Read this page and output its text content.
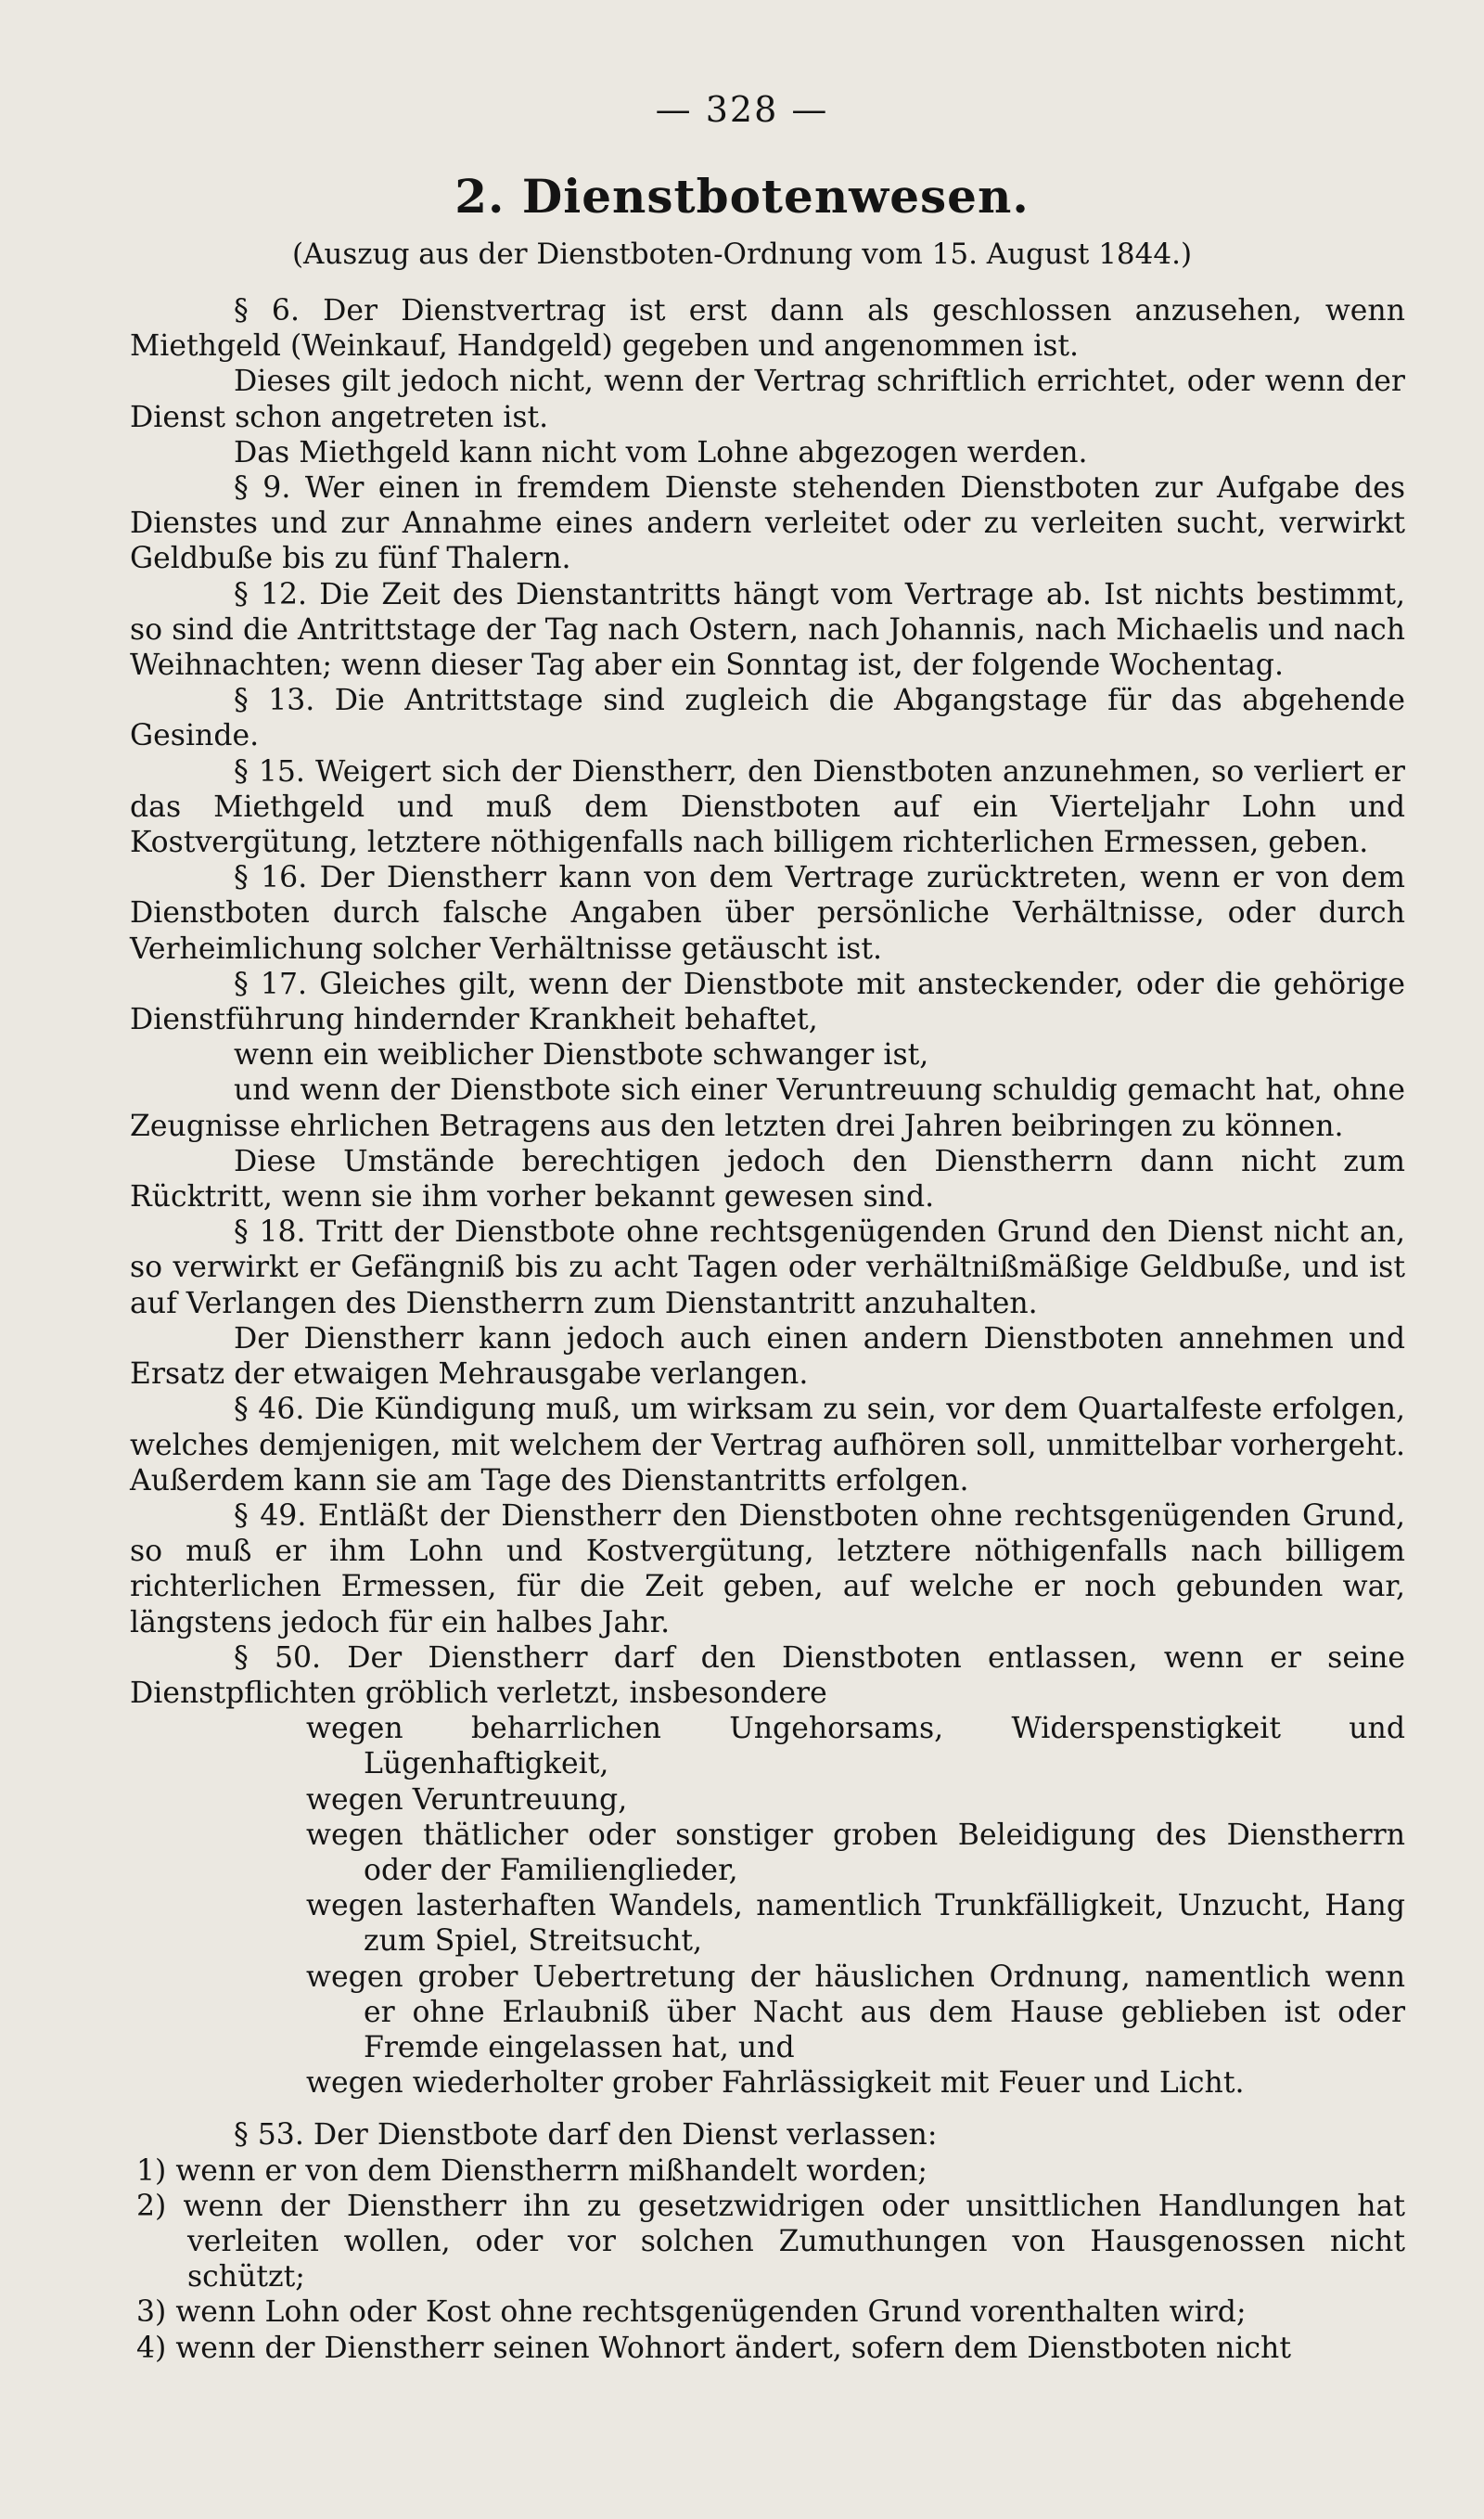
— 328 —
2. Dienstbotenwesen.
(Auszug aus der Dienstboten-Ordnung vom 15. August 1844.)

§ 6. Der Dienstvertrag ist erst dann als geschlossen anzusehen, wenn Miethgeld (Weinkauf, Handgeld) gegeben und angenommen ist.

Dieses gilt jedoch nicht, wenn der Vertrag schriftlich errichtet, oder wenn der Dienst schon angetreten ist.

Das Miethgeld kann nicht vom Lohne abgezogen werden.

§ 9. Wer einen in fremdem Dienste stehenden Dienstboten zur Aufgabe des Dienstes und zur Annahme eines andern verleitet oder zu verleiten sucht, verwirkt Geldbuße bis zu fünf Thalern.

§ 12. Die Zeit des Dienstantritts hängt vom Vertrage ab. Ist nichts bestimmt, so sind die Antrittstage der Tag nach Ostern, nach Johannis, nach Michaelis und nach Weihnachten; wenn dieser Tag aber ein Sonntag ist, der folgende Wochentag.

§ 13. Die Antrittstage sind zugleich die Abgangstage für das abgehende Gesinde.

§ 15. Weigert sich der Dienstherr, den Dienstboten anzunehmen, so verliert er das Miethgeld und muß dem Dienstboten auf ein Vierteljahr Lohn und Kostvergütung, letztere nöthigenfalls nach billigem richterlichen Ermessen, geben.

§ 16. Der Dienstherr kann von dem Vertrage zurücktreten, wenn er von dem Dienstboten durch falsche Angaben über persönliche Verhältnisse, oder durch Verheimlichung solcher Verhältnisse getäuscht ist.

§ 17. Gleiches gilt, wenn der Dienstbote mit ansteckender, oder die gehörige Dienstführung hindernder Krankheit behaftet,

wenn ein weiblicher Dienstbote schwanger ist,

und wenn der Dienstbote sich einer Veruntreuung schuldig gemacht hat, ohne Zeugnisse ehrlichen Betragens aus den letzten drei Jahren beibringen zu können.

Diese Umstände berechtigen jedoch den Dienstherrn dann nicht zum Rücktritt, wenn sie ihm vorher bekannt gewesen sind.

§ 18. Tritt der Dienstbote ohne rechtsgenügenden Grund den Dienst nicht an, so verwirkt er Gefängniß bis zu acht Tagen oder verhältnißmäßige Geldbuße, und ist auf Verlangen des Dienstherrn zum Dienstantritt anzuhalten.

Der Dienstherr kann jedoch auch einen andern Dienstboten annehmen und Ersatz der etwaigen Mehrausgabe verlangen.

§ 46. Die Kündigung muß, um wirksam zu sein, vor dem Quartalfeste erfolgen, welches demjenigen, mit welchem der Vertrag aufhören soll, unmittelbar vorhergeht. Außerdem kann sie am Tage des Dienstantritts erfolgen.

§ 49. Entläßt der Dienstherr den Dienstboten ohne rechtsgenügenden Grund, so muß er ihm Lohn und Kostvergütung, letztere nöthigenfalls nach billigem richterlichen Ermessen, für die Zeit geben, auf welche er noch gebunden war, längstens jedoch für ein halbes Jahr.

§ 50. Der Dienstherr darf den Dienstboten entlassen, wenn er seine Dienstpflichten gröblich verletzt, insbesondere

wegen beharrlichen Ungehorsams, Widerspenstigkeit und Lügenhaftigkeit,

wegen Veruntreuung,

wegen thätlicher oder sonstiger groben Beleidigung des Dienstherrn oder der Familienglieder,

wegen lasterhaften Wandels, namentlich Trunkfälligkeit, Unzucht, Hang zum Spiel, Streitsucht,

wegen grober Uebertretung der häuslichen Ordnung, namentlich wenn er ohne Erlaubniß über Nacht aus dem Hause geblieben ist oder Fremde eingelassen hat, und

wegen wiederholter grober Fahrlässigkeit mit Feuer und Licht.

§ 53. Der Dienstbote darf den Dienst verlassen:

1) wenn er von dem Dienstherrn mißhandelt worden;

2) wenn der Dienstherr ihn zu gesetzwidrigen oder unsittlichen Handlungen hat verleiten wollen, oder vor solchen Zumuthungen von Hausgenossen nicht schützt;

3) wenn Lohn oder Kost ohne rechtsgenügenden Grund vorenthalten wird;

4) wenn der Dienstherr seinen Wohnort ändert, sofern dem Dienstboten nicht
